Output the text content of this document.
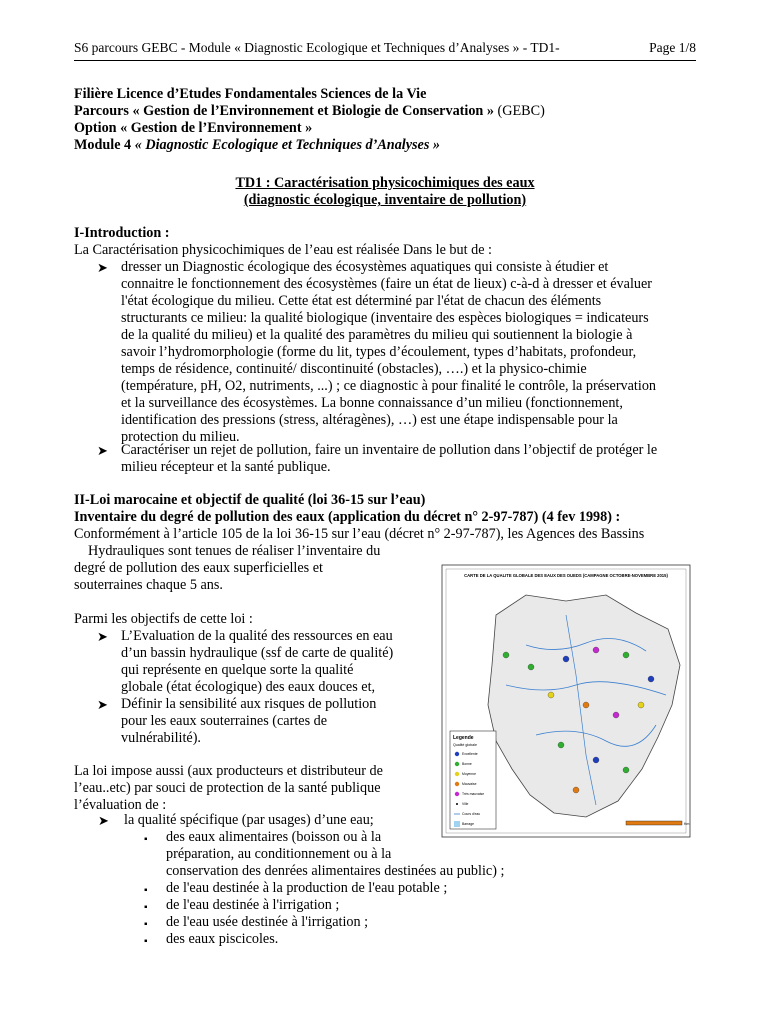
S6 parcours GEBC - Module « Diagnostic Ecologique et Techniques d’Analyses » - TD1-	Page 1/8
Filière Licence d’Etudes Fondamentales Sciences de la Vie
Parcours « Gestion de l’Environnement et Biologie de Conservation » (GEBC)
Option « Gestion de l’Environnement »
Module 4 « Diagnostic Ecologique et Techniques d’Analyses »
TD1 : Caractérisation physicochimiques des eaux
(diagnostic écologique, inventaire de pollution)
I-Introduction :
La Caractérisation physicochimiques de l’eau est réalisée Dans le but de :
➤ dresser un Diagnostic écologique des écosystèmes aquatiques qui consiste à étudier et
connaitre le fonctionnement des écosystèmes (faire un état de lieux) c-à-d à dresser et évaluer
l'état écologique du milieu. Cette état est déterminé par l'état de chacun des éléments
structurants ce milieu: la qualité biologique (inventaire des espèces biologiques = indicateurs
de la qualité du milieu) et la qualité des paramètres du milieu qui soutiennent la biologie à
savoir l’hydromorphologie (forme du lit, types d’écoulement, types d’habitats, profondeur,
temps de résidence, continuité/ discontinuité (obstacles), ….) et la physico-chimie
(température, pH, O2, nutriments, ...) ; ce diagnostic à pour finalité le contrôle, la préservation
et la surveillance des écosystèmes. La bonne connaissance d’un milieu (fonctionnement,
identification des pressions (stress, altéragènes), …) est une étape indispensable pour la
protection du milieu.
➤ Caractériser un rejet de pollution, faire un inventaire de pollution dans l’objectif de protéger le
milieu récepteur et la santé publique.
II-Loi marocaine et objectif de qualité (loi 36-15 sur l’eau)
Inventaire du degré de pollution des eaux (application du décret n° 2-97-787) (4 fev 1998) :
Conformément à l’article 105 de la loi 36-15 sur l’eau (décret n° 2-97-787), les Agences des Bassins
Hydrauliques sont tenues de réaliser l’inventaire du
degré de pollution des eaux superficielles et
souterraines chaque 5 ans.
Parmi les objectifs de cette loi :
➤ L’Evaluation de la qualité des ressources en eau
d’un bassin hydraulique (ssf de carte de qualité)
qui représente en quelque sorte la qualité
globale (état écologique) des eaux douces et,
➤ Définir la sensibilité aux risques de pollution
pour les eaux souterraines (cartes de
vulnérabilité).
La loi impose aussi (aux producteurs et distributeur de
l’eau..etc) par souci de protection de la santé publique
l’évaluation de :
➤ la qualité spécifique (par usages) d’une eau;
▪ des eaux alimentaires (boisson ou à la
préparation, au conditionnement ou à la
conservation des denrées alimentaires destinées au public) ;
▪ de l'eau destinée à la production de l'eau potable ;
▪ de l'eau destinée à l'irrigation ;
▪ de l'eau usée destinée à l'irrigation ;
▪ des eaux piscicoles.
CARTE DE LA QUALITE GLOBALE DES EAUX DES OUEDS (CAMPAGNE OCTOBRE-NOVEMBRE 2015)
Legende
Qualité globale
Excellente
Bonne
Moyenne
Mauvaise
Très mauvaise
Ville
Cours d'eau
Barrage	Km
